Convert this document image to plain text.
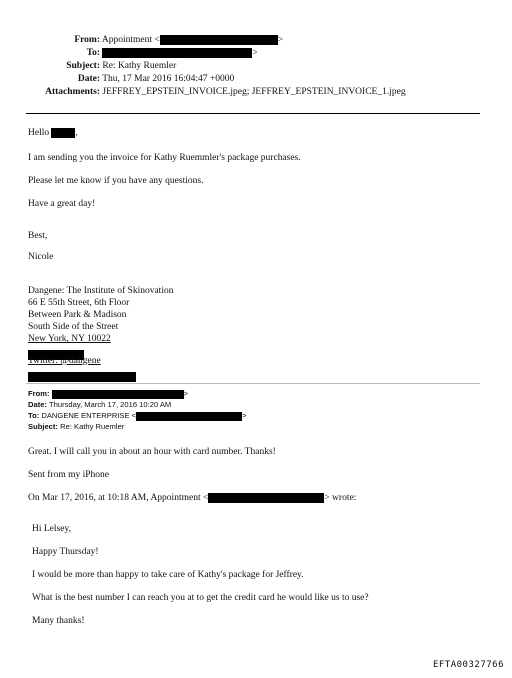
From: Appointment <	>
To:	>
Subject: Re: Kathy Ruemler
Date: Thu, 17 Mar 2016 16:04:47 +0000
Attachments: JEFFREY_EPSTEIN_INVOICE.jpeg; JEFFREY_EPSTEIN_INVOICE_1.jpeg
Hello	,
I am sending you the invoice for Kathy Ruemmler's package purchases.
Please let me know if you have any questions.
Have a great day!
Best,
Nicole
Dangene: The Institute of Skinovation
66 E 55th Street, 6th Floor
Between Park & Madison
South Side of the Street
New York, NY 10022
Twitter: @dangene
From:	>
Date: Thursday, March 17, 2016 10:20 AM
To: DANGENE ENTERPRISE <	>
Subject: Re: Kathy Ruemler
Great. I will call you in about an hour with card number. Thanks!
Sent from my iPhone
On Mar 17, 2016, at 10:18 AM, Appointment <	> wrote:
Hi Lelsey,
Happy Thursday!
I would be more than happy to take care of Kathy's package for Jeffrey.
What is the best number I can reach you at to get the credit card he would like us to use?
Many thanks!
EFTA00327766
